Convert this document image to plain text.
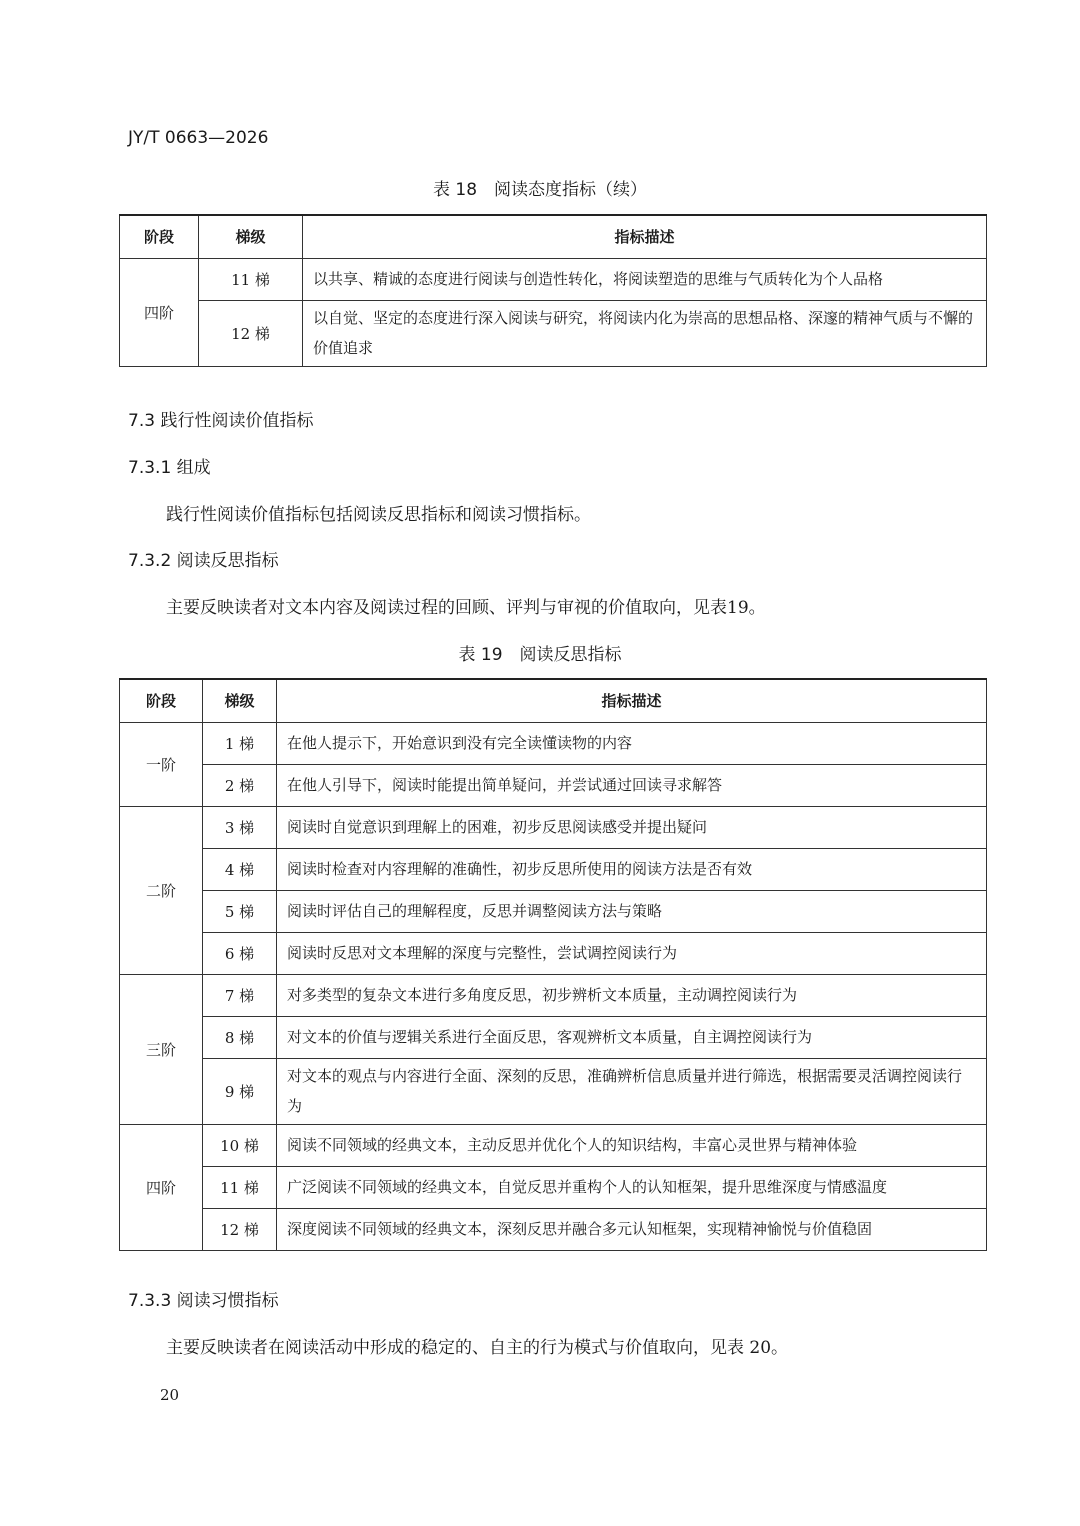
JY/T 0663—2026
表 18　阅读态度指标（续）
阶段	梯级	指标描述
四阶	11 梯	以共享、精诚的态度进行阅读与创造性转化，将阅读塑造的思维与气质转化为个人品格
	12 梯	以自觉、坚定的态度进行深入阅读与研究，将阅读内化为崇高的思想品格、深邃的精神气质与不懈的价值追求
7.3 践行性阅读价值指标
7.3.1 组成
践行性阅读价值指标包括阅读反思指标和阅读习惯指标。
7.3.2 阅读反思指标
主要反映读者对文本内容及阅读过程的回顾、评判与审视的价值取向，见表19。
表 19　阅读反思指标
阶段	梯级	指标描述
一阶	1 梯	在他人提示下，开始意识到没有完全读懂读物的内容
	2 梯	在他人引导下，阅读时能提出简单疑问，并尝试通过回读寻求解答
二阶	3 梯	阅读时自觉意识到理解上的困难，初步反思阅读感受并提出疑问
	4 梯	阅读时检查对内容理解的准确性，初步反思所使用的阅读方法是否有效
	5 梯	阅读时评估自己的理解程度，反思并调整阅读方法与策略
	6 梯	阅读时反思对文本理解的深度与完整性，尝试调控阅读行为
三阶	7 梯	对多类型的复杂文本进行多角度反思，初步辨析文本质量，主动调控阅读行为
	8 梯	对文本的价值与逻辑关系进行全面反思，客观辨析文本质量，自主调控阅读行为
	9 梯	对文本的观点与内容进行全面、深刻的反思，准确辨析信息质量并进行筛选，根据需要灵活调控阅读行为
四阶	10 梯	阅读不同领域的经典文本，主动反思并优化个人的知识结构，丰富心灵世界与精神体验
	11 梯	广泛阅读不同领域的经典文本，自觉反思并重构个人的认知框架，提升思维深度与情感温度
	12 梯	深度阅读不同领域的经典文本，深刻反思并融合多元认知框架，实现精神愉悦与价值稳固
7.3.3 阅读习惯指标
主要反映读者在阅读活动中形成的稳定的、自主的行为模式与价值取向，见表 20。
20
